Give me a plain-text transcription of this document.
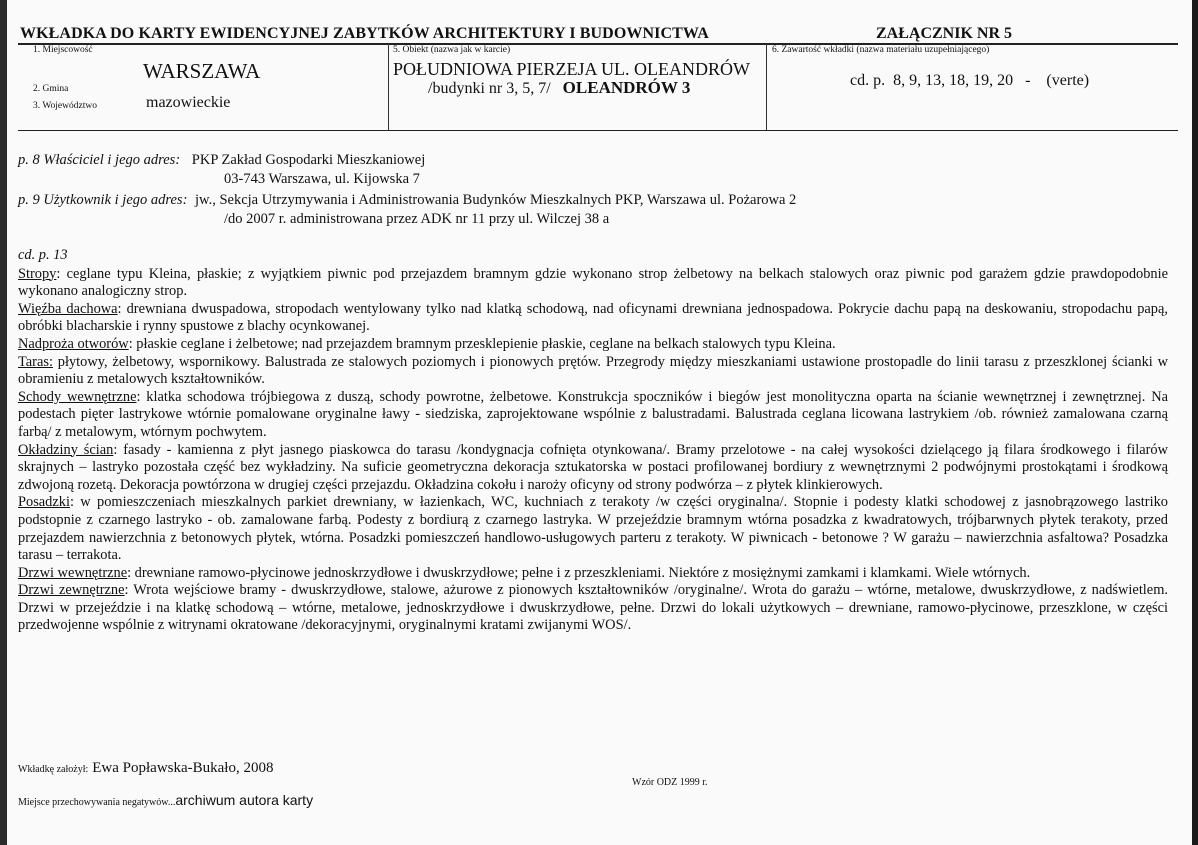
WKŁADKA DO KARTY EWIDENCYJNEJ ZABYTKÓW ARCHITEKTURY I BUDOWNICTWA	ZAŁĄCZNIK NR 5
1. Miejscowość
WARSZAWA
2. Gmina
3. Województwo	mazowieckie
5. Obiekt (nazwa jak w karcie)
POŁUDNIOWA PIERZEJA UL. OLEANDRÓW
/budynki nr 3, 5, 7/ OLEANDRÓW 3
6. Zawartość wkładki (nazwa materiału uzupełniającego)
cd. p.  8, 9, 13, 18, 19, 20   -    (verte)
p. 8 Właściciel i jego adres: PKP Zakład Gospodarki Mieszkaniowej
03-743 Warszawa, ul. Kijowska 7
p. 9 Użytkownik i jego adres: jw., Sekcja Utrzymywania i Administrowania Budynków Mieszkalnych PKP, Warszawa ul. Pożarowa 2
/do 2007 r. administrowana przez ADK nr 11 przy ul. Wilczej 38 a

cd. p. 13

Stropy: ceglane typu Kleina, płaskie; z wyjątkiem piwnic pod przejazdem bramnym gdzie wykonano strop żelbetowy na belkach stalowych oraz piwnic pod garażem gdzie prawdopodobnie wykonano analogiczny strop.

Więźba dachowa: drewniana dwuspadowa, stropodach wentylowany tylko nad klatką schodową, nad oficynami drewniana jednospadowa. Pokrycie dachu papą na deskowaniu, stropodachu papą, obróbki blacharskie i rynny spustowe z blachy ocynkowanej.

Nadproża otworów: płaskie ceglane i żelbetowe; nad przejazdem bramnym przesklepienie płaskie, ceglane na belkach stalowych typu Kleina.

Taras: płytowy, żelbetowy, wspornikowy. Balustrada ze stalowych poziomych i pionowych prętów. Przegrody między mieszkaniami ustawione prostopadle do linii tarasu z przeszklonej ścianki w obramieniu z metalowych kształtowników.

Schody wewnętrzne: klatka schodowa trójbiegowa z duszą, schody powrotne, żelbetowe. Konstrukcja spoczników i biegów jest monolityczna oparta na ścianie wewnętrznej i zewnętrznej. Na podestach pięter lastrykowe wtórnie pomalowane oryginalne ławy - siedziska, zaprojektowane wspólnie z balustradami. Balustrada ceglana licowana lastrykiem /ob. również zamalowana czarną farbą/ z metalowym, wtórnym pochwytem.

Okładziny ścian: fasady - kamienna z płyt jasnego piaskowca do tarasu /kondygnacja cofnięta otynkowana/. Bramy przelotowe - na całej wysokości dzielącego ją filara środkowego i filarów skrajnych – lastryko pozostała część bez wykładziny. Na suficie geometryczna dekoracja sztukatorska w postaci profilowanej bordiury z wewnętrznymi 2 podwójnymi prostokątami i środkową zdwojoną rozetą. Dekoracja powtórzona w drugiej części przejazdu. Okładzina cokołu i naroży oficyny od strony podwórza – z płytek klinkierowych.

Posadzki: w pomieszczeniach mieszkalnych parkiet drewniany, w łazienkach, WC, kuchniach z terakoty /w części oryginalna/. Stopnie i podesty klatki schodowej z jasnobrązowego lastriko podstopnie z czarnego lastryko - ob. zamalowane farbą. Podesty z bordiurą z czarnego lastryka. W przejeździe bramnym wtórna posadzka z kwadratowych, trójbarwnych płytek terakoty, przed przejazdem nawierzchnia z betonowych płytek, wtórna. Posadzki pomieszczeń handlowo-usługowych parteru z terakoty. W piwnicach - betonowe ? W garażu – nawierzchnia asfaltowa? Posadzka tarasu – terrakota.

Drzwi wewnętrzne: drewniane ramowo-płycinowe jednoskrzydłowe i dwuskrzydłowe; pełne i z przeszkleniami. Niektóre z mosiężnymi zamkami i klamkami. Wiele wtórnych.

Drzwi zewnętrzne: Wrota wejściowe bramy - dwuskrzydłowe, stalowe, ażurowe z pionowych kształtowników /oryginalne/. Wrota do garażu – wtórne, metalowe, dwuskrzydłowe, z nadświetlem. Drzwi w przejeździe i na klatkę schodową – wtórne, metalowe, jednoskrzydłowe i dwuskrzydłowe, pełne. Drzwi do lokali użytkowych – drewniane, ramowo-płycinowe, przeszklone, w części przedwojenne wspólnie z witrynami okratowane /dekoracyjnymi, oryginalnymi kratami zwijanymi WOS/.

Wkładkę założył: Ewa Popławska-Bukało, 2008
Wzór ODZ 1999 r.
Miejsce przechowywania negatywów...archiwum autora karty
